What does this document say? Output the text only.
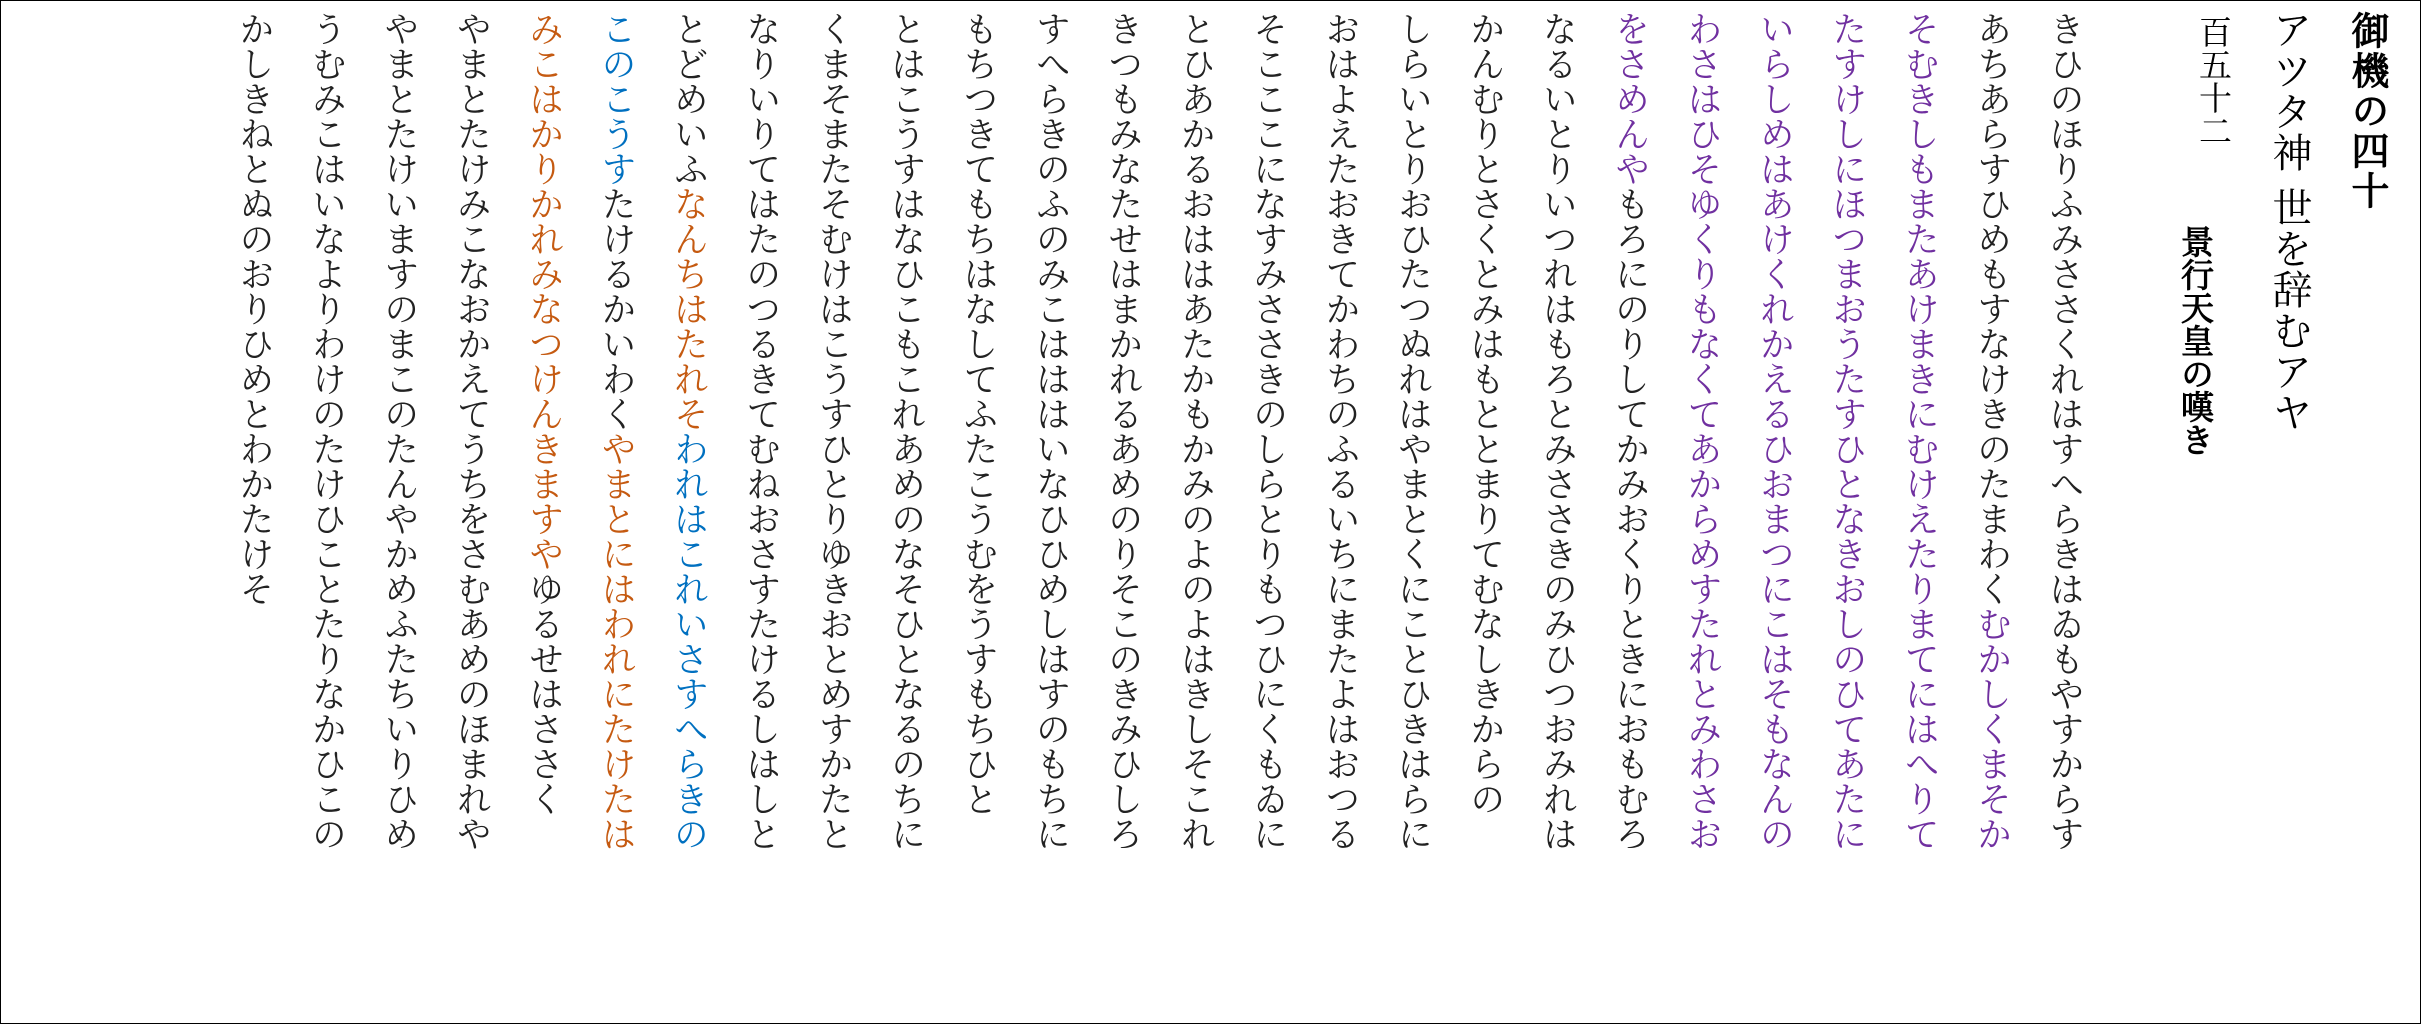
御機の四十
アツタ神 世を辞むアヤ
百五十二
景行天皇の嘆き
きひのほりふみささくれはすへらきはゐもやすからす
あちあらすひめもすなけきのたまわくむかしくまそか
そむきしもまたあけまきにむけえたりまてにはへりて
たすけしにほつまおうたすひとなきおしのひてあたに
いらしめはあけくれかえるひおまつにこはそもなんの
わさはひそゆくりもなくてあからめすたれとみわさお
をさめんやもろにのりしてかみおくりときにおもむろ
なるいとりいつれはもろとみささきのみひつおみれは
かんむりとさくとみはもととまりてむなしきからの
しらいとりおひたつぬれはやまとくにことひきはらに
おはよえたおきてかわちのふるいちにまたよはおつる
そこここになすみささきのしらとりもつひにくもゐに
とひあかるおははあたかもかみのよのよはきしそこれ
きつもみなたせはまかれるあめのりそこのきみひしろ
すへらきのふのみこはははいなひひめしはすのもちに
もちつきてもちはなしてふたこうむをうすもちひと
とはこうすはなひこもこれあめのなそひとなるのちに
くまそまたそむけはこうすひとりゆきおとめすかたと
なりいりてはたのつるきてむねおさすたけるしはしと
とどめいふなんちはたれそわれはこれいさすへらきの
このこうすたけるかいわくやまとにはわれにたけたは
みこはかりかれみなつけんきますやゆるせはささく
やまとたけみこなおかえてうちをさむあめのほまれや
やまとたけいますのまこのたんやかめふたちいりひめ
うむみこはいなよりわけのたけひことたりなかひこの
かしきねとぬのおりひめとわかたけそ
